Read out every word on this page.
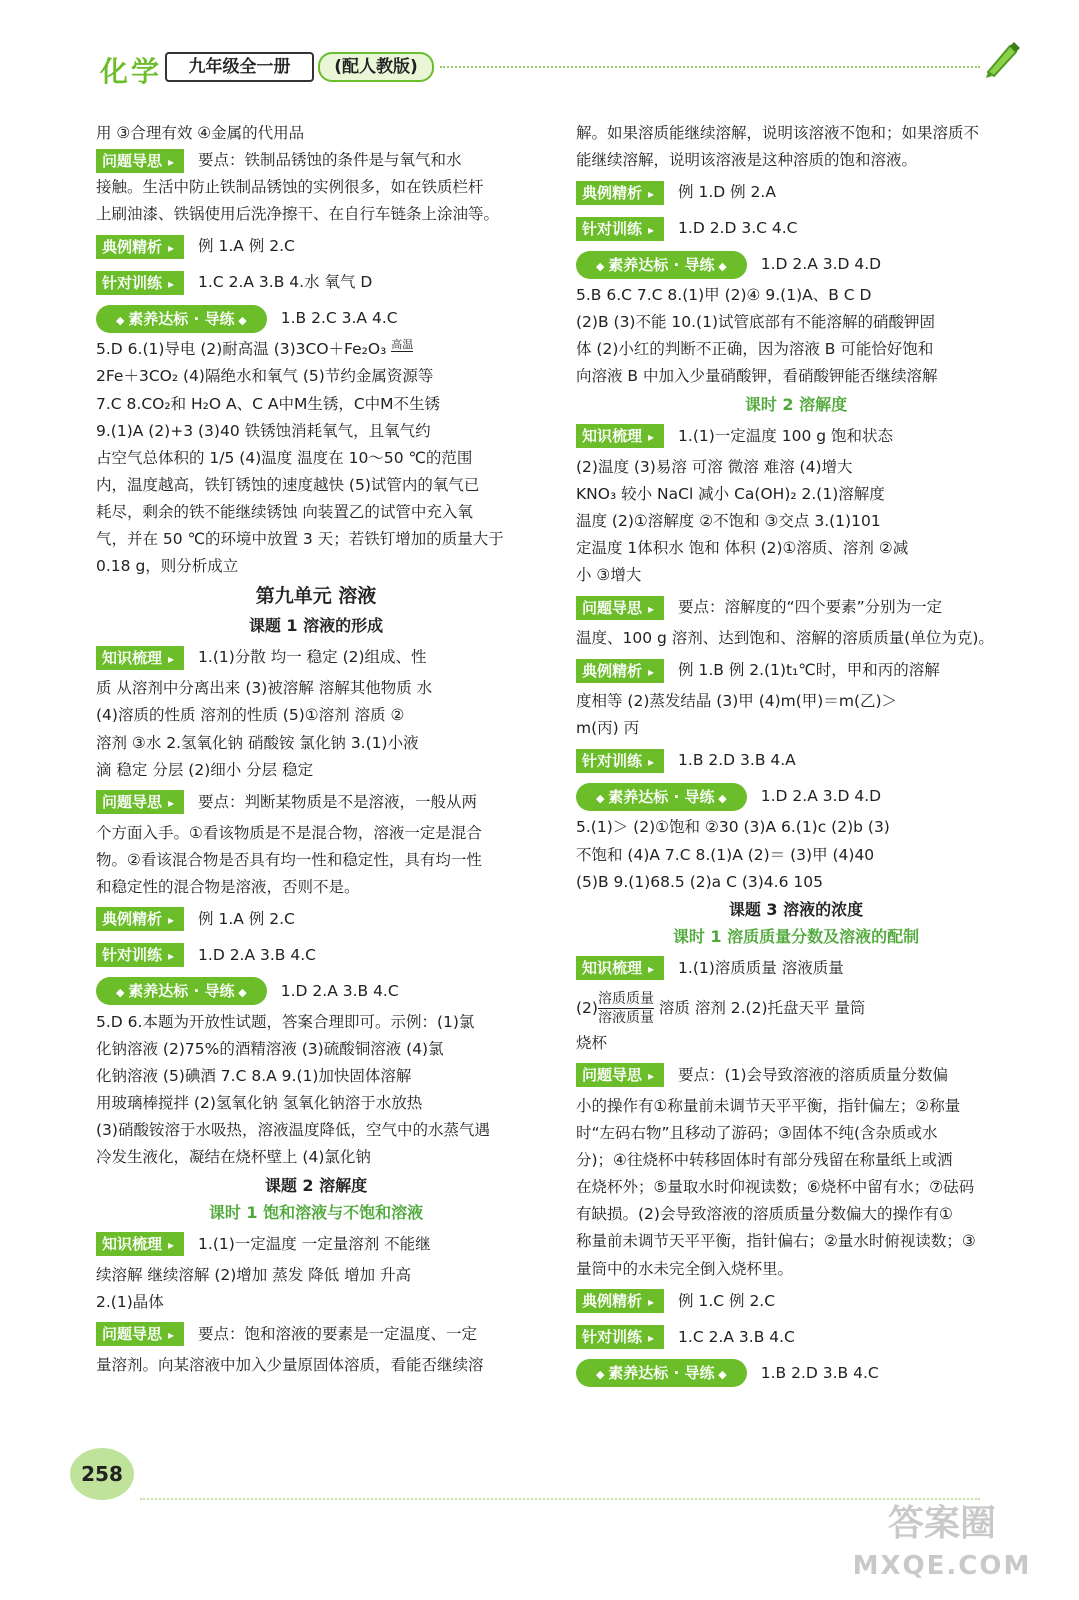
化学	九年级全一册	(配人教版)
用 ③合理有效 ④金属的代用品
问题导思 ▸ 要点：铁制品锈蚀的条件是与氧气和水
接触。生活中防止铁制品锈蚀的实例很多，如在铁质栏杆
上刷油漆、铁锅使用后洗净擦干、在自行车链条上涂油等。
典例精析 ▸ 例 1.A 例 2.C
针对训练 ▸ 1.C 2.A 3.B 4.水 氧气 D
◆ 素养达标 · 导练 ◆	1.B 2.C 3.A 4.C
5.D 6.(1)导电 (2)耐高温 (3)3CO＋Fe₂O₃ 高温
2Fe＋3CO₂ (4)隔绝水和氧气 (5)节约金属资源等
7.C 8.CO₂和 H₂O A、C A中M生锈，C中M不生锈
9.(1)A (2)+3 (3)40 铁锈蚀消耗氧气，且氧气约
占空气总体积的 1/5 (4)温度 温度在 10～50 ℃的范围
内，温度越高，铁钉锈蚀的速度越快 (5)试管内的氧气已
耗尽，剩余的铁不能继续锈蚀 向装置乙的试管中充入氧
气，并在 50 ℃的环境中放置 3 天；若铁钉增加的质量大于
0.18 g，则分析成立
第九单元 溶液
课题 1 溶液的形成
知识梳理 ▸ 1.(1)分散 均一 稳定 (2)组成、性
质 从溶剂中分离出来 (3)被溶解 溶解其他物质 水
(4)溶质的性质 溶剂的性质 (5)①溶剂 溶质 ②
溶剂 ③水 2.氢氧化钠 硝酸铵 氯化钠 3.(1)小液
滴 稳定 分层 (2)细小 分层 稳定
问题导思 ▸ 要点：判断某物质是不是溶液，一般从两
个方面入手。①看该物质是不是混合物，溶液一定是混合
物。②看该混合物是否具有均一性和稳定性，具有均一性
和稳定性的混合物是溶液，否则不是。
典例精析 ▸ 例 1.A 例 2.C
针对训练 ▸ 1.D 2.A 3.B 4.C
◆ 素养达标 · 导练 ◆	1.D 2.A 3.B 4.C
5.D 6.本题为开放性试题，答案合理即可。示例：(1)氯
化钠溶液 (2)75%的酒精溶液 (3)硫酸铜溶液 (4)氯
化钠溶液 (5)碘酒 7.C 8.A 9.(1)加快固体溶解
用玻璃棒搅拌 (2)氢氧化钠 氢氧化钠溶于水放热
(3)硝酸铵溶于水吸热，溶液温度降低，空气中的水蒸气遇
冷发生液化，凝结在烧杯壁上 (4)氯化钠
课题 2 溶解度
课时 1 饱和溶液与不饱和溶液
知识梳理 ▸ 1.(1)一定温度 一定量溶剂 不能继
续溶解 继续溶解 (2)增加 蒸发 降低 增加 升高
2.(1)晶体
问题导思 ▸ 要点：饱和溶液的要素是一定温度、一定
量溶剂。向某溶液中加入少量原固体溶质，看能否继续溶
解。如果溶质能继续溶解，说明该溶液不饱和；如果溶质不
能继续溶解，说明该溶液是这种溶质的饱和溶液。
典例精析 ▸ 例 1.D 例 2.A
针对训练 ▸ 1.D 2.D 3.C 4.C
◆ 素养达标 · 导练 ◆	1.D 2.A 3.D 4.D
5.B 6.C 7.C 8.(1)甲 (2)④ 9.(1)A、B C D
(2)B (3)不能 10.(1)试管底部有不能溶解的硝酸钾固
体 (2)小红的判断不正确，因为溶液 B 可能恰好饱和
向溶液 B 中加入少量硝酸钾，看硝酸钾能否继续溶解
课时 2 溶解度
知识梳理 ▸ 1.(1)一定温度 100 g 饱和状态
(2)温度 (3)易溶 可溶 微溶 难溶 (4)增大
KNO₃ 较小 NaCl 减小 Ca(OH)₂ 2.(1)溶解度
温度 (2)①溶解度 ②不饱和 ③交点 3.(1)101
定温度 1体积水 饱和 体积 (2)①溶质、溶剂 ②减
小 ③增大
问题导思 ▸ 要点：溶解度的“四个要素”分别为一定
温度、100 g 溶剂、达到饱和、溶解的溶质质量(单位为克)。
典例精析 ▸ 例 1.B 例 2.(1)t₁℃时，甲和丙的溶解
度相等 (2)蒸发结晶 (3)甲 (4)m(甲)＝m(乙)＞
m(丙) 丙
针对训练 ▸ 1.B 2.D 3.B 4.A
◆ 素养达标 · 导练 ◆	1.D 2.A 3.D 4.D
5.(1)＞ (2)①饱和 ②30 (3)A 6.(1)c (2)b (3)
不饱和 (4)A 7.C 8.(1)A (2)＝ (3)甲 (4)40
(5)B 9.(1)68.5 (2)a C (3)4.6 105
课题 3 溶液的浓度
课时 1 溶质质量分数及溶液的配制
知识梳理 ▸ 1.(1)溶质质量 溶液质量
$(2) \frac{\text{溶质质量}}{\text{溶液质量}}$ 溶质 溶剂 2.(2)托盘天平 量筒
烧杯
问题导思 ▸ 要点：(1)会导致溶液的溶质质量分数偏
小的操作有①称量前未调节天平平衡，指针偏左；②称量
时“左码右物”且移动了游码；③固体不纯(含杂质或水
分)；④往烧杯中转移固体时有部分残留在称量纸上或洒
在烧杯外；⑤量取水时仰视读数；⑥烧杯中留有水；⑦砝码
有缺损。(2)会导致溶液的溶质质量分数偏大的操作有①
称量前未调节天平平衡，指针偏右；②量水时俯视读数；③
量筒中的水未完全倒入烧杯里。
典例精析 ▸ 例 1.C 例 2.C
针对训练 ▸ 1.C 2.A 3.B 4.C
◆ 素养达标 · 导练 ◆	1.B 2.D 3.B 4.C
258
答案圈
MXQE.COM
